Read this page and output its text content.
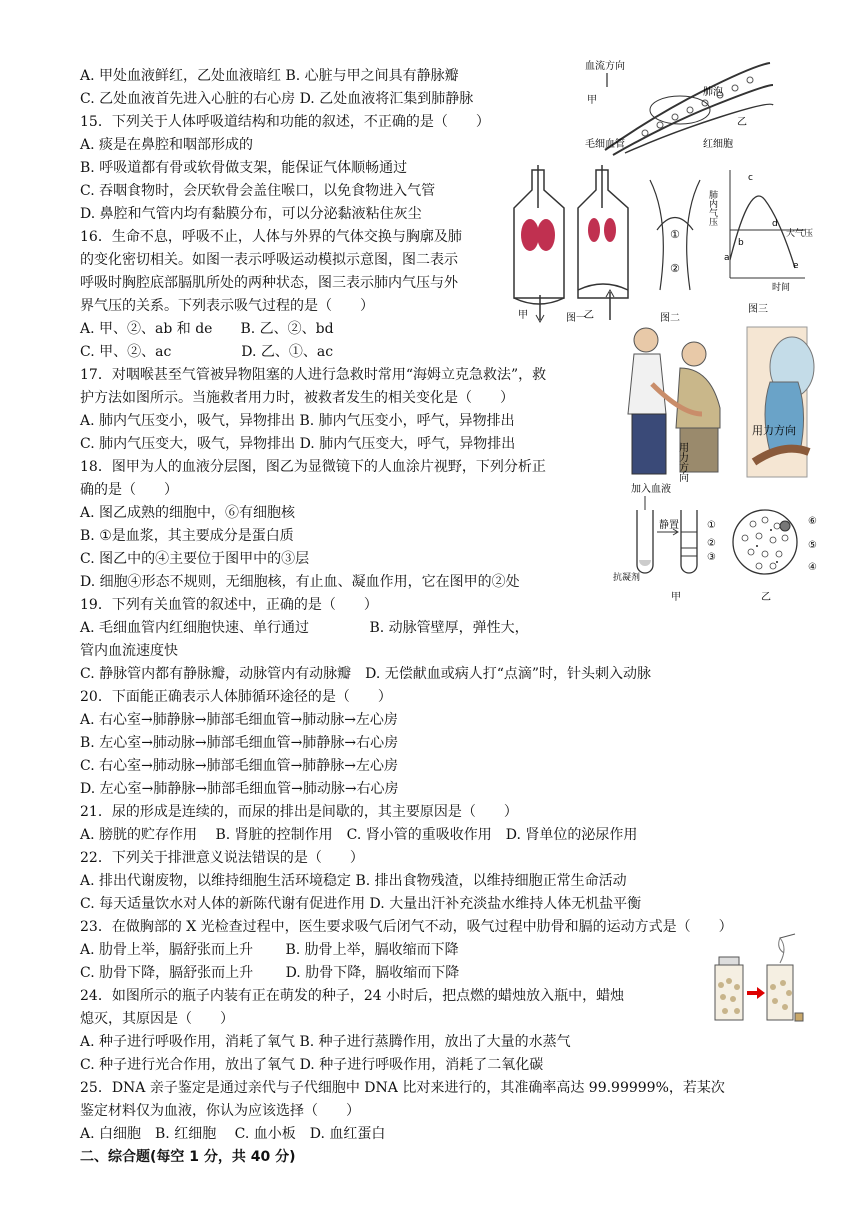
A. 甲处血液鲜红，乙处血液暗红 B. 心脏与甲之间具有静脉瓣
C. 乙处血液首先进入心脏的右心房 D. 乙处血液将汇集到肺静脉
15．下列关于人体呼吸道结构和功能的叙述，不正确的是（　　）
A. 痰是在鼻腔和咽部形成的
B. 呼吸道都有骨或软骨做支架，能保证气体顺畅通过
C. 吞咽食物时，会厌软骨会盖住喉口，以免食物进入气管
D. 鼻腔和气管内均有黏膜分布，可以分泌黏液粘住灰尘
16．生命不息，呼吸不止，人体与外界的气体交换与胸廓及肺
的变化密切相关。如图一表示呼吸运动模拟示意图，图二表示
呼吸时胸腔底部膈肌所处的两种状态，图三表示肺内气压与外
界气压的关系。下列表示吸气过程的是（　　）
A. 甲、②、ab 和 de　　B. 乙、②、bd
C. 甲、②、ac　　　　　D. 乙、①、ac
17．对咽喉甚至气管被异物阻塞的人进行急救时常用“海姆立克急救法”，救
护方法如图所示。当施救者用力时，被救者发生的相关变化是（　　）
A. 肺内气压变小，吸气，异物排出 B. 肺内气压变小，呼气，异物排出
C. 肺内气压变大，吸气，异物排出 D. 肺内气压变大，呼气，异物排出
18．图甲为人的血液分层图，图乙为显微镜下的人血涂片视野，下列分析正
确的是（　　）
A. 图乙成熟的细胞中，⑥有细胞核
B. ①是血浆，其主要成分是蛋白质
C. 图乙中的④主要位于图甲中的③层
D. 细胞④形态不规则，无细胞核，有止血、凝血作用，它在图甲的②处
19．下列有关血管的叙述中，正确的是（　　）
A. 毛细血管内红细胞快速、单行通过　　　　 B. 动脉管壁厚，弹性大，
管内血流速度快
C. 静脉管内都有静脉瓣，动脉管内有动脉瓣　D. 无偿献血或病人打“点滴”时，针头刺入动脉
20．下面能正确表示人体肺循环途径的是（　　）
A. 右心室→肺静脉→肺部毛细血管→肺动脉→左心房
B. 左心室→肺动脉→肺部毛细血管→肺静脉→右心房
C. 右心室→肺动脉→肺部毛细血管→肺静脉→左心房
D. 左心室→肺静脉→肺部毛细血管→肺动脉→右心房
21．尿的形成是连续的，而尿的排出是间歇的，其主要原因是（　　）
A. 膀胱的贮存作用　 B. 肾脏的控制作用　C. 肾小管的重吸收作用　D. 肾单位的泌尿作用
22．下列关于排泄意义说法错误的是（　　）
A. 排出代谢废物，以维持细胞生活环境稳定 B. 排出食物残渣，以维持细胞正常生命活动
C. 每天适量饮水对人体的新陈代谢有促进作用 D. 大量出汗补充淡盐水维持人体无机盐平衡
23．在做胸部的 X 光检查过程中，医生要求吸气后闭气不动，吸气过程中肋骨和膈的运动方式是（　　）
A. 肋骨上举，膈舒张而上升　　 B. 肋骨上举，膈收缩而下降
C. 肋骨下降，膈舒张而上升　　 D. 肋骨下降，膈收缩而下降
24．如图所示的瓶子内装有正在萌发的种子，24 小时后，把点燃的蜡烛放入瓶中，蜡烛
熄灭，其原因是（　　）
A. 种子进行呼吸作用，消耗了氧气 B. 种子进行蒸腾作用，放出了大量的水蒸气
C. 种子进行光合作用，放出了氧气 D. 种子进行呼吸作用，消耗了二氧化碳
25．DNA 亲子鉴定是通过亲代与子代细胞中 DNA 比对来进行的，其准确率高达 99.99999%，若某次
鉴定材料仅为血液，你认为应该选择（　　）
A. 白细胞　B. 红细胞　 C. 血小板　D. 血红蛋白
二、综合题(每空 1 分，共 40 分)
血流方向
甲
肺泡
乙
毛细血管	红细胞
甲	乙
①
②
肺内气压
大气压
a
b
c
d
e
时间
图一	图二
图三
用力方向
用力方向
加入血液
抗凝剂
静置	①
②
③
甲
⑥
⑤
④
乙
